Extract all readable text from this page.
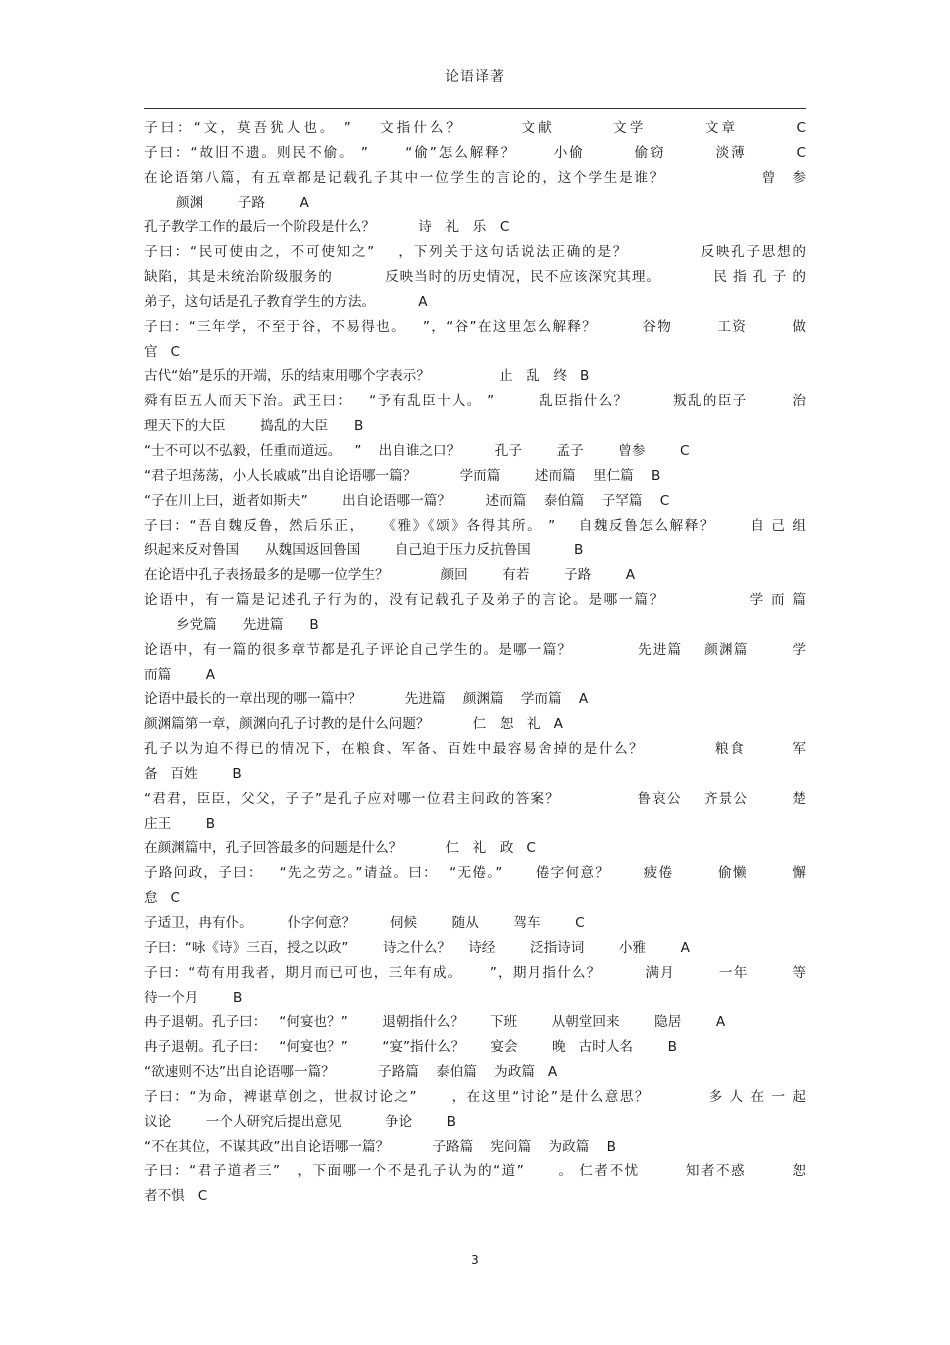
论语译著
子曰：“文，莫吾犹人也。 ”    文指什么？        文献        文学        文章        C
子曰：“故旧不遗。则民不偷。 ”      “偷”怎么解释？      小偷        偷窃        淡薄        C
在论语第八篇，有五章都是记载孔子其中一位学生的言论的，这个学生是谁？                曾　参
颜渊        子路        A
孔子教学工作的最后一个阶段是什么？          诗　礼　乐　C
子曰：“民可使由之，不可使知之”    ，下列关于这句话说法正确的是？            反映孔子思想的
缺陷，其是未统治阶级服务的          反映当时的历史情况，民不应该深究其理。          民 指 孔 子 的
弟子，这句话是孔子教育学生的方法。          A
子曰：“三年学，不至于谷，不易得也。   ”，“谷”在这里怎么解释？        谷物        工资        做
官   C
古代“始”是乐的开端，乐的结束用哪个字表示？                止　乱　终   B
舜有臣五人而天下治。武王曰：   “予有乱臣十人。 ”        乱臣指什么？        叛乱的臣子        治
理天下的大臣        捣乱的大臣      B
“士不可以不弘毅，任重而道远。   ”    出自谁之口？        孔子        孟子        曾参        C
“君子坦荡荡，小人长戚戚”出自论语哪一篇？          学而篇        述而篇    里仁篇    B
“子在川上曰，逝者如斯夫”        出自论语哪一篇？        述而篇    泰伯篇    子罕篇    C
子曰：“吾自魏反鲁，然后乐正，   《雅》《颂》各得其所。 ”    自魏反鲁怎么解释？      自 己 组
织起来反对鲁国      从魏国返回鲁国        自己迫于压力反抗鲁国          B
在论语中孔子表扬最多的是哪一位学生？            颜回        有若        子路        A
论语中，有一篇是记述孔子行为的，没有记载孔子及弟子的言论。是哪一篇？              学 而 篇
乡党篇      先进篇      B
论语中，有一篇的很多章节都是孔子评论自己学生的。是哪一篇？            先进篇    颜渊篇        学
而篇        A
论语中最长的一章出现的哪一篇中？          先进篇    颜渊篇    学而篇    A
颜渊篇第一章，颜渊向孔子讨教的是什么问题？          仁　恕　礼   A
孔子以为迫不得已的情况下，在粮食、军备、百姓中最容易舍掉的是什么？            粮食        军
备   百姓        B
“君君，臣臣，父父，子子”是孔子应对哪一位君主问政的答案？              鲁哀公    齐景公        楚
庄王        B
在颜渊篇中，孔子回答最多的问题是什么？          仁　礼　政   C
子路问政，子曰：   “先之劳之。”请益。曰：  “无倦。”      倦字何意？      疲倦        偷懒        懈
怠   C
子适卫，冉有仆。        仆字何意？        伺候        随从        驾车        C
子曰：“咏《诗》三百，授之以政”        诗之什么？    诗经        泛指诗词        小雅        A
子曰：“苟有用我者，期月而已可也，三年有成。     ”，期月指什么？        满月        一年        等
待一个月        B
冉子退朝。孔子曰：   “何宴也？”        退朝指什么？      下班        从朝堂回来        隐居        A
冉子退朝。孔子曰：   “何宴也？”        “宴”指什么？      宴会        晚   古时人名        B
“欲速则不达”出自论语哪一篇？          子路篇    泰伯篇    为政篇   A
子曰：“为命，裨谌草创之，世叔讨论之”      ，在这里“讨论”是什么意思？          多 人 在 一 起
议论        一个人研究后提出意见          争论        B
“不在其位，不谋其政”出自论语哪一篇？          子路篇    宪问篇    为政篇    B
子曰：“君子道者三”   ，下面哪一个不是孔子认为的“道”      。 仁者不忧        知者不惑        恕
者不惧   C
3
